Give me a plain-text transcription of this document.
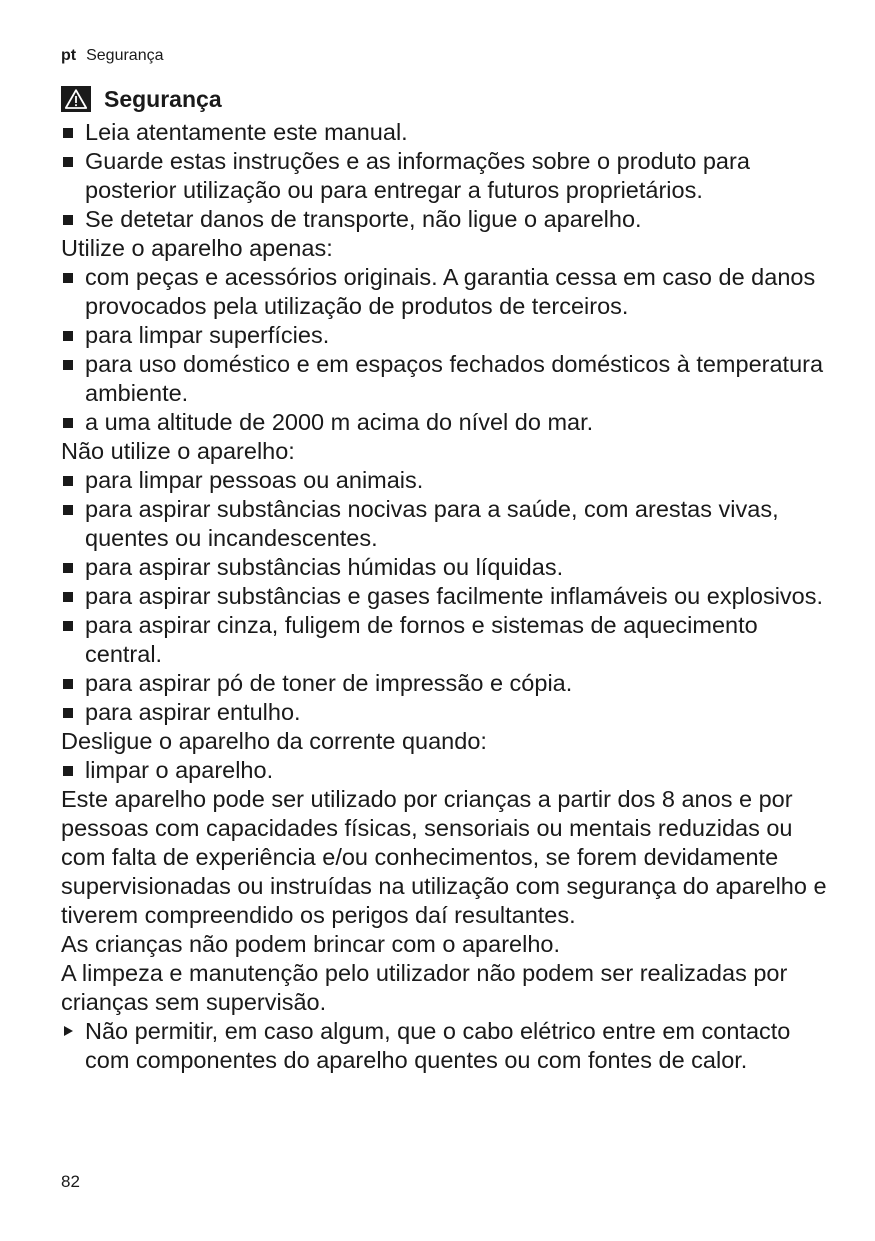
pt Segurança
Segurança
Leia atentamente este manual.
Guarde estas instruções e as informações sobre o produto para posterior utilização ou para entregar a futuros proprietários.
Se detetar danos de transporte, não ligue o aparelho.
Utilize o aparelho apenas:
com peças e acessórios originais. A garantia cessa em caso de danos provocados pela utilização de produtos de terceiros.
para limpar superfícies.
para uso doméstico e em espaços fechados domésticos à temperatura ambiente.
a uma altitude de 2000 m acima do nível do mar.
Não utilize o aparelho:
para limpar pessoas ou animais.
para aspirar substâncias nocivas para a saúde, com arestas vivas, quentes ou incandescentes.
para aspirar substâncias húmidas ou líquidas.
para aspirar substâncias e gases facilmente inflamáveis ou explosivos.
para aspirar cinza, fuligem de fornos e sistemas de aquecimento central.
para aspirar pó de toner de impressão e cópia.
para aspirar entulho.
Desligue o aparelho da corrente quando:
limpar o aparelho.
Este aparelho pode ser utilizado por crianças a partir dos 8 anos e por pessoas com capacidades físicas, sensoriais ou mentais reduzidas ou com falta de experiência e/ou conhecimentos, se forem devidamente supervisionadas ou instruídas na utilização com segurança do aparelho e tiverem compreendido os perigos daí resultantes.
As crianças não podem brincar com o aparelho.
A limpeza e manutenção pelo utilizador não podem ser realizadas por crianças sem supervisão.
Não permitir, em caso algum, que o cabo elétrico entre em contacto com componentes do aparelho quentes ou com fontes de calor.
82
